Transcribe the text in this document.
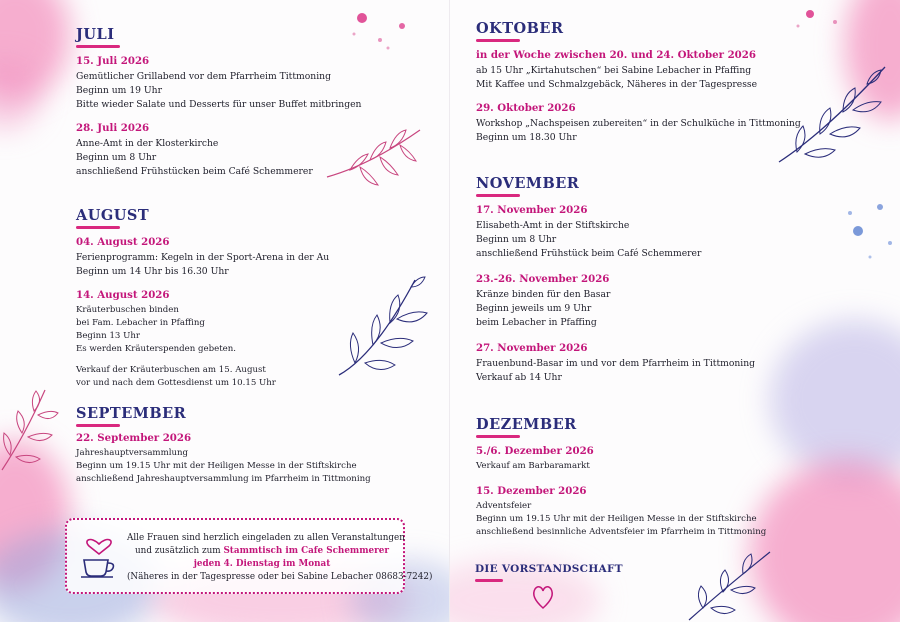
JULI
15. Juli 2026
Gemütlicher Grillabend vor dem Pfarrheim Tittmoning
Beginn um 19 Uhr
Bitte wieder Salate und Desserts für unser Buffet mitbringen
28. Juli 2026
Anne-Amt in der Klosterkirche
Beginn um 8 Uhr
anschließend Frühstücken beim Café Schemmerer
AUGUST
04. August 2026
Ferienprogramm: Kegeln in der Sport-Arena in der Au
Beginn um 14 Uhr bis 16.30 Uhr
14. August 2026
Kräuterbuschen binden
bei Fam. Lebacher in Pfaffing
Beginn 13 Uhr
Es werden Kräuterspenden gebeten.
Verkauf der Kräuterbuschen am 15. August
vor und nach dem Gottesdienst um 10.15 Uhr
SEPTEMBER
22. September 2026
Jahreshauptversammlung
Beginn um 19.15 Uhr mit der Heiligen Messe in der Stiftskirche
anschließend Jahreshauptversammlung im Pfarrheim in Tittmoning
Alle Frauen sind herzlich eingeladen zu allen Veranstaltungen
und zusätzlich zum Stammtisch im Cafe Schemmerer
jeden 4. Dienstag im Monat
(Näheres in der Tagespresse oder bei Sabine Lebacher 08683-7242)
OKTOBER
in der Woche zwischen 20. und 24. Oktober 2026
ab 15 Uhr „Kirtahutschen“ bei Sabine Lebacher in Pfaffing
Mit Kaffee und Schmalzgebäck, Näheres in der Tagespresse
29. Oktober 2026
Workshop „Nachspeisen zubereiten“ in der Schulküche in Tittmoning
Beginn um 18.30 Uhr
NOVEMBER
17. November 2026
Elisabeth-Amt in der Stiftskirche
Beginn um 8 Uhr
anschließend Frühstück beim Café Schemmerer
23.-26. November 2026
Kränze binden für den Basar
Beginn jeweils um 9 Uhr
beim Lebacher in Pfaffing
27. November 2026
Frauenbund-Basar im und vor dem Pfarrheim in Tittmoning
Verkauf ab 14 Uhr
DEZEMBER
5./6. Dezember 2026
Verkauf am Barbaramarkt
15. Dezember 2026
Adventsfeier
Beginn um 19.15 Uhr mit der Heiligen Messe in der Stiftskirche
anschließend besinnliche Adventsfeier im Pfarrheim in Tittmoning
DIE VORSTANDSCHAFT
